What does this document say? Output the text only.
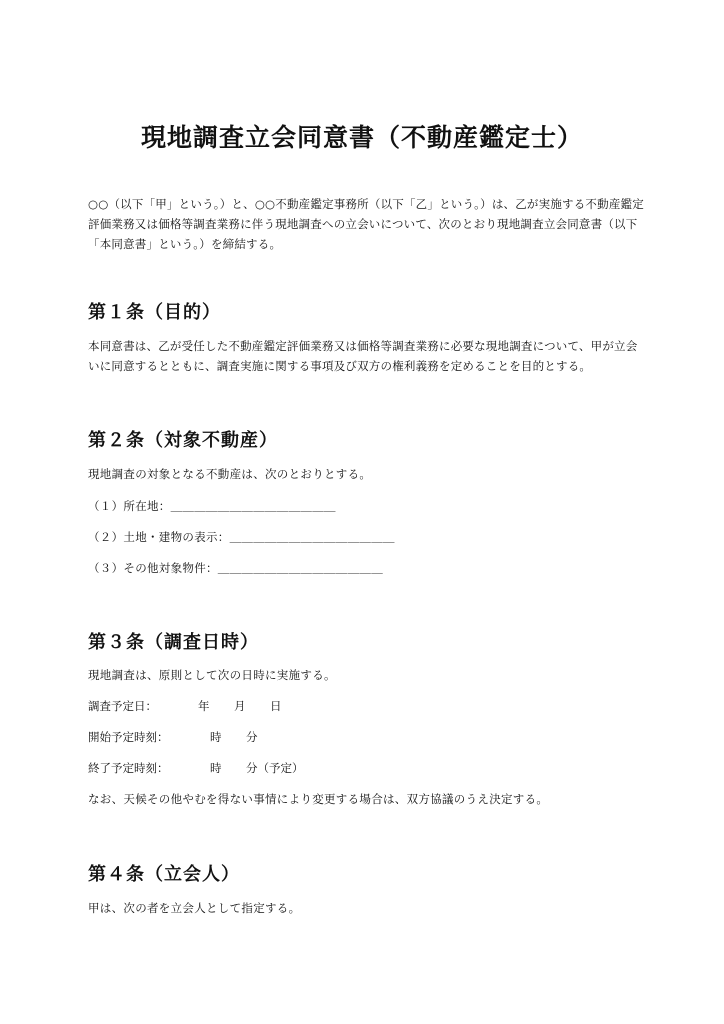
現地調査立会同意書（不動産鑑定士）
○○（以下「甲」という。）と、○○不動産鑑定事務所（以下「乙」という。）は、乙が実施する不動産鑑定評価業務又は価格等調査業務に伴う現地調査への立会いについて、次のとおり現地調査立会同意書（以下「本同意書」という。）を締結する。
第１条（目的）
本同意書は、乙が受任した不動産鑑定評価業務又は価格等調査業務に必要な現地調査について、甲が立会いに同意するとともに、調査実施に関する事項及び双方の権利義務を定めることを目的とする。
第２条（対象不動産）
現地調査の対象となる不動産は、次のとおりとする。
（１）所在地：＿＿＿＿＿＿＿＿＿＿＿＿＿＿
（２）土地・建物の表示：＿＿＿＿＿＿＿＿＿＿＿＿＿＿
（３）その他対象物件：＿＿＿＿＿＿＿＿＿＿＿＿＿＿
第３条（調査日時）
現地調査は、原則として次の日時に実施する。
調査予定日：	年 月 日
開始予定時刻：	時 分
終了予定時刻：	時 分（予定）
なお、天候その他やむを得ない事情により変更する場合は、双方協議のうえ決定する。
第４条（立会人）
甲は、次の者を立会人として指定する。
